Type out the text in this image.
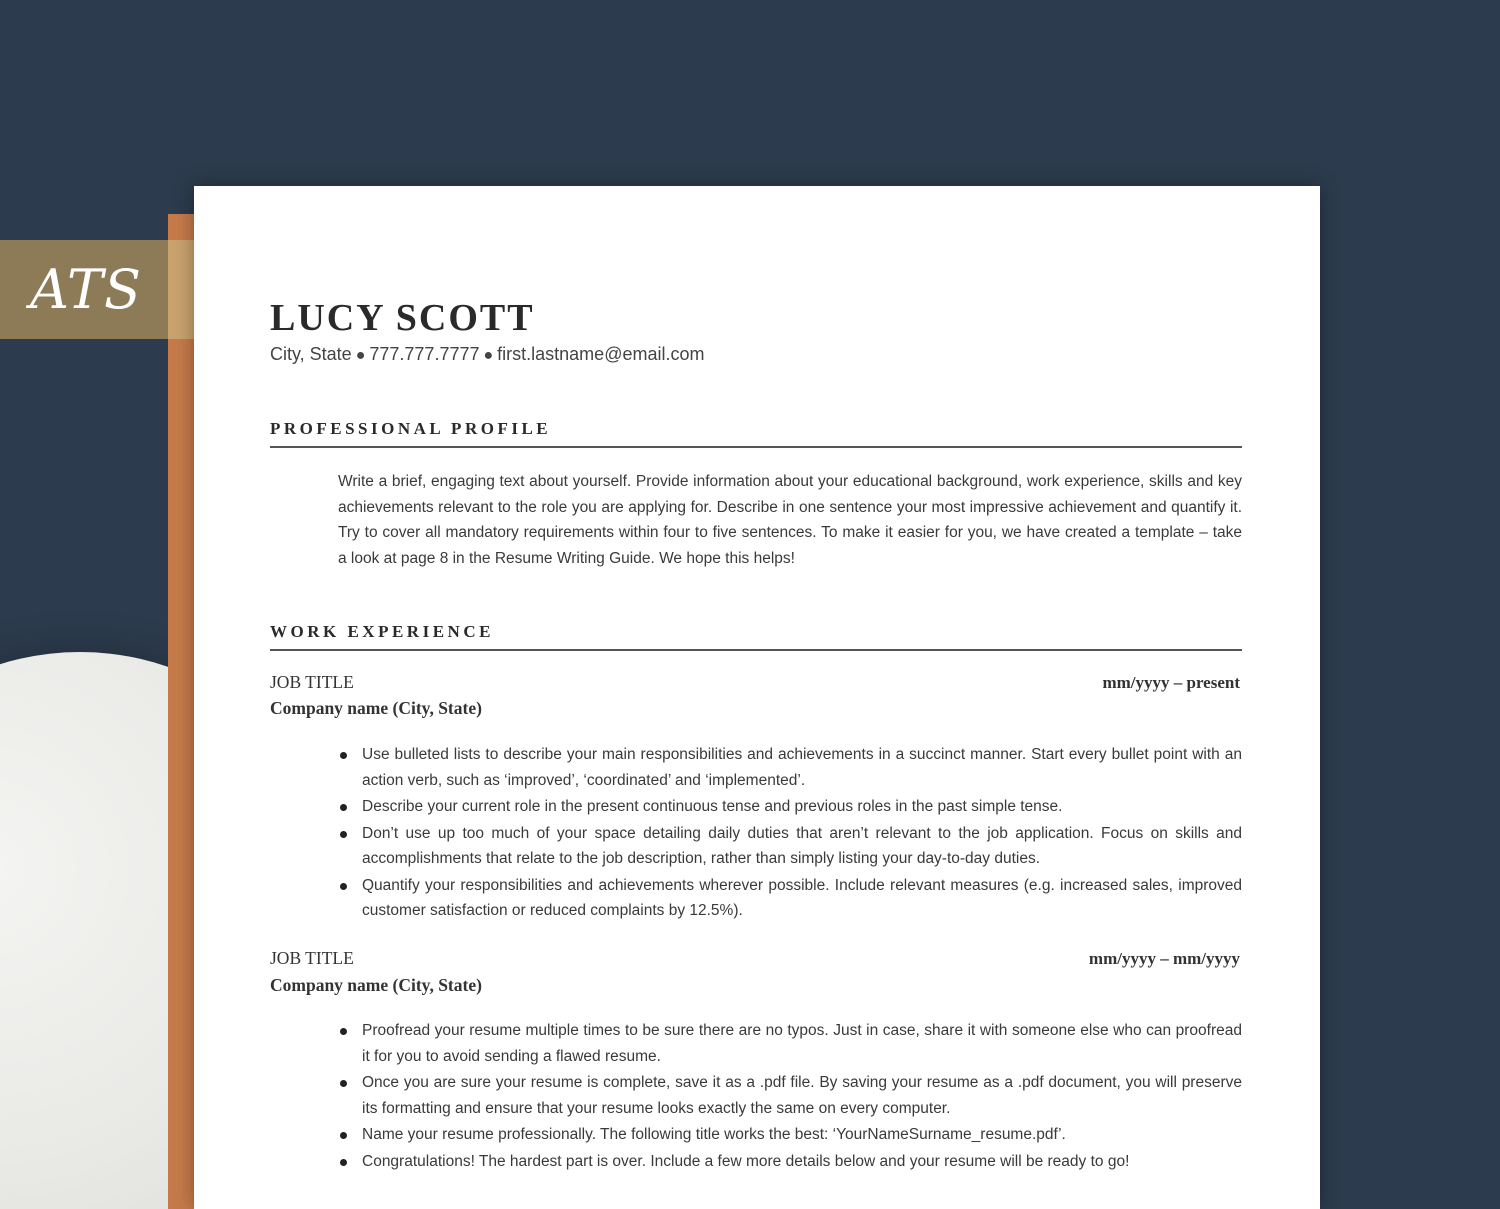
ATS	LUCY SCOTT
City, State ● 777.777.7777 ● first.lastname@email.com
PROFESSIONAL PROFILE
Write a brief, engaging text about yourself. Provide information about your educational background, work experience, skills and key achievements relevant to the role you are applying for. Describe in one sentence your most impressive achievement and quantify it. Try to cover all mandatory requirements within four to five sentences. To make it easier for you, we have created a template – take a look at page 8 in the Resume Writing Guide. We hope this helps!
WORK EXPERIENCE
JOB TITLE	mm/yyyy – present
Company name (City, State)
Use bulleted lists to describe your main responsibilities and achievements in a succinct manner. Start every bullet point with an action verb, such as ‘improved’, ‘coordinated’ and ‘implemented’.
Describe your current role in the present continuous tense and previous roles in the past simple tense.
Don’t use up too much of your space detailing daily duties that aren’t relevant to the job application. Focus on skills and accomplishments that relate to the job description, rather than simply listing your day-to-day duties.
Quantify your responsibilities and achievements wherever possible. Include relevant measures (e.g. increased sales, improved customer satisfaction or reduced complaints by 12.5%).
JOB TITLE	mm/yyyy – mm/yyyy
Company name (City, State)
Proofread your resume multiple times to be sure there are no typos. Just in case, share it with someone else who can proofread it for you to avoid sending a flawed resume.
Once you are sure your resume is complete, save it as a .pdf file. By saving your resume as a .pdf document, you will preserve its formatting and ensure that your resume looks exactly the same on every computer.
Name your resume professionally. The following title works the best: ‘YourNameSurname_resume.pdf’.
Congratulations! The hardest part is over. Include a few more details below and your resume will be ready to go!
